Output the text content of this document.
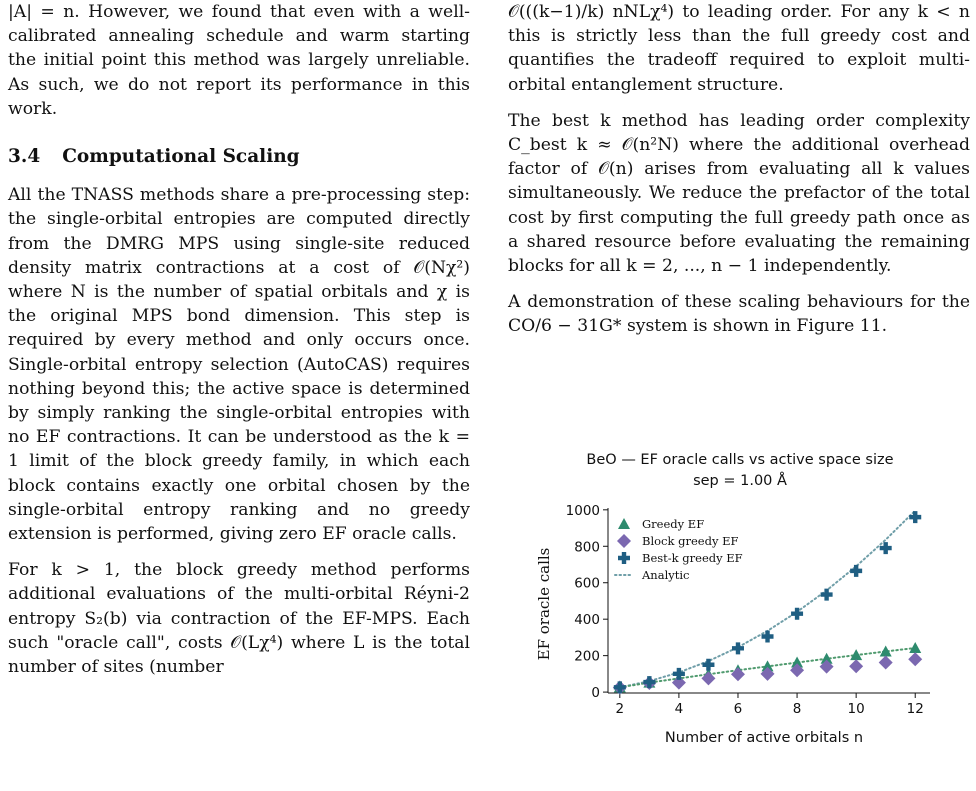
|A| = n. However, we found that even with a well-calibrated annealing schedule and warm starting the initial point this method was largely unreliable. As such, we do not report its performance in this work.

3.4 Computational Scaling

All the TNASS methods share a pre-processing step: the single-orbital entropies are computed directly from the DMRG MPS using single-site reduced density matrix contractions at a cost of 𝒪(Nχ²) where N is the number of spatial orbitals and χ is the original MPS bond dimension. This step is required by every method and only occurs once. Single-orbital entropy selection (AutoCAS) requires nothing beyond this; the active space is determined by simply ranking the single-orbital entropies with no EF contractions. It can be understood as the k = 1 limit of the block greedy family, in which each block contains exactly one orbital chosen by the single-orbital entropy ranking and no greedy extension is performed, giving zero EF oracle calls.

For k > 1, the block greedy method performs additional evaluations of the multi-orbital Réyni-2 entropy S₂(b) via contraction of the EF-MPS. Each such "oracle call", costs 𝒪(Lχ⁴) where L is the total number of sites (number

𝒪(((k−1)/k) nNLχ⁴) to leading order. For any k < n this is strictly less than the full greedy cost and quantifies the tradeoff required to exploit multi-orbital entanglement structure.

The best k method has leading order complexity C_best k ≈ 𝒪(n²N) where the additional overhead factor of 𝒪(n) arises from evaluating all k values simultaneously. We reduce the prefactor of the total cost by first computing the full greedy path once as a shared resource before evaluating the remaining blocks for all k = 2, ..., n − 1 independently.

A demonstration of these scaling behaviours for the CO/6 − 31G* system is shown in Figure 11.

BeO — EF oracle calls vs active space size
sep = 1.00 Å
2	4	6	8	10	12
0
200
400
600
800
1000
Greedy EF
Block greedy EF
Best-k greedy EF
Analytic
Number of active orbitals n
EF oracle calls
